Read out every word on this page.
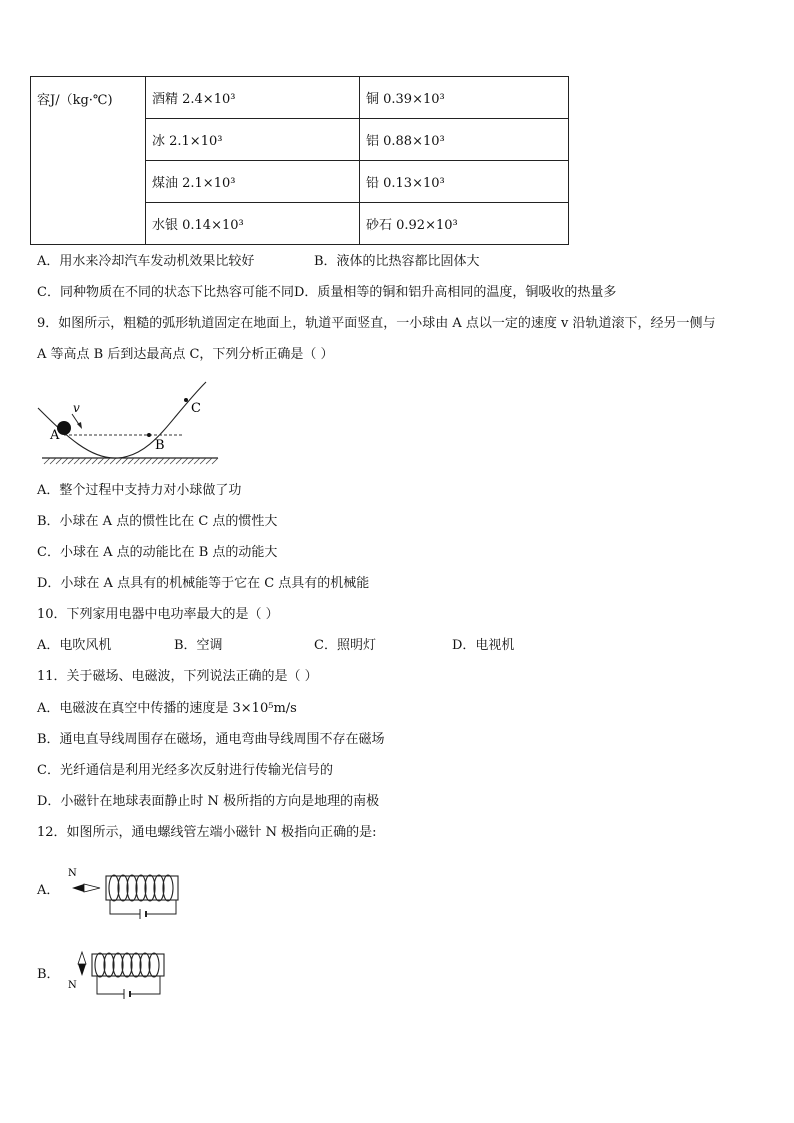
容J/（kg·℃)	酒精 2.4×10³	铜 0.39×10³
	冰 2.1×10³	铝 0.88×10³
	煤油 2.1×10³	铅 0.13×10³
	水银 0.14×10³	砂石 0.92×10³
A．用水来冷却汽车发动机效果比较好	B．液体的比热容都比固体大
C．同种物质在不同的状态下比热容可能不同D．质量相等的铜和铝升高相同的温度，铜吸收的热量多
9．如图所示，粗糙的弧形轨道固定在地面上，轨道平面竖直，一小球由 A 点以一定的速度 v 沿轨道滚下，经另一侧与
A 等高点 B 后到达最高点 C，下列分析正确是（ ）
A
B
C
v
A．整个过程中支持力对小球做了功
B．小球在 A 点的惯性比在 C 点的惯性大
C．小球在 A 点的动能比在 B 点的动能大
D．小球在 A 点具有的机械能等于它在 C 点具有的机械能
10．下列家用电器中电功率最大的是（ ）
A．电吹风机	B．空调	C．照明灯	D．电视机
11．关于磁场、电磁波，下列说法正确的是（ ）
A．电磁波在真空中传播的速度是 3×10⁵m/s
B．通电直导线周围存在磁场，通电弯曲导线周围不存在磁场
C．光纤通信是利用光经多次反射进行传输光信号的
D．小磁针在地球表面静止时 N 极所指的方向是地理的南极
12．如图所示，通电螺线管左端小磁针 N 极指向正确的是:
A．
N
B．
N
